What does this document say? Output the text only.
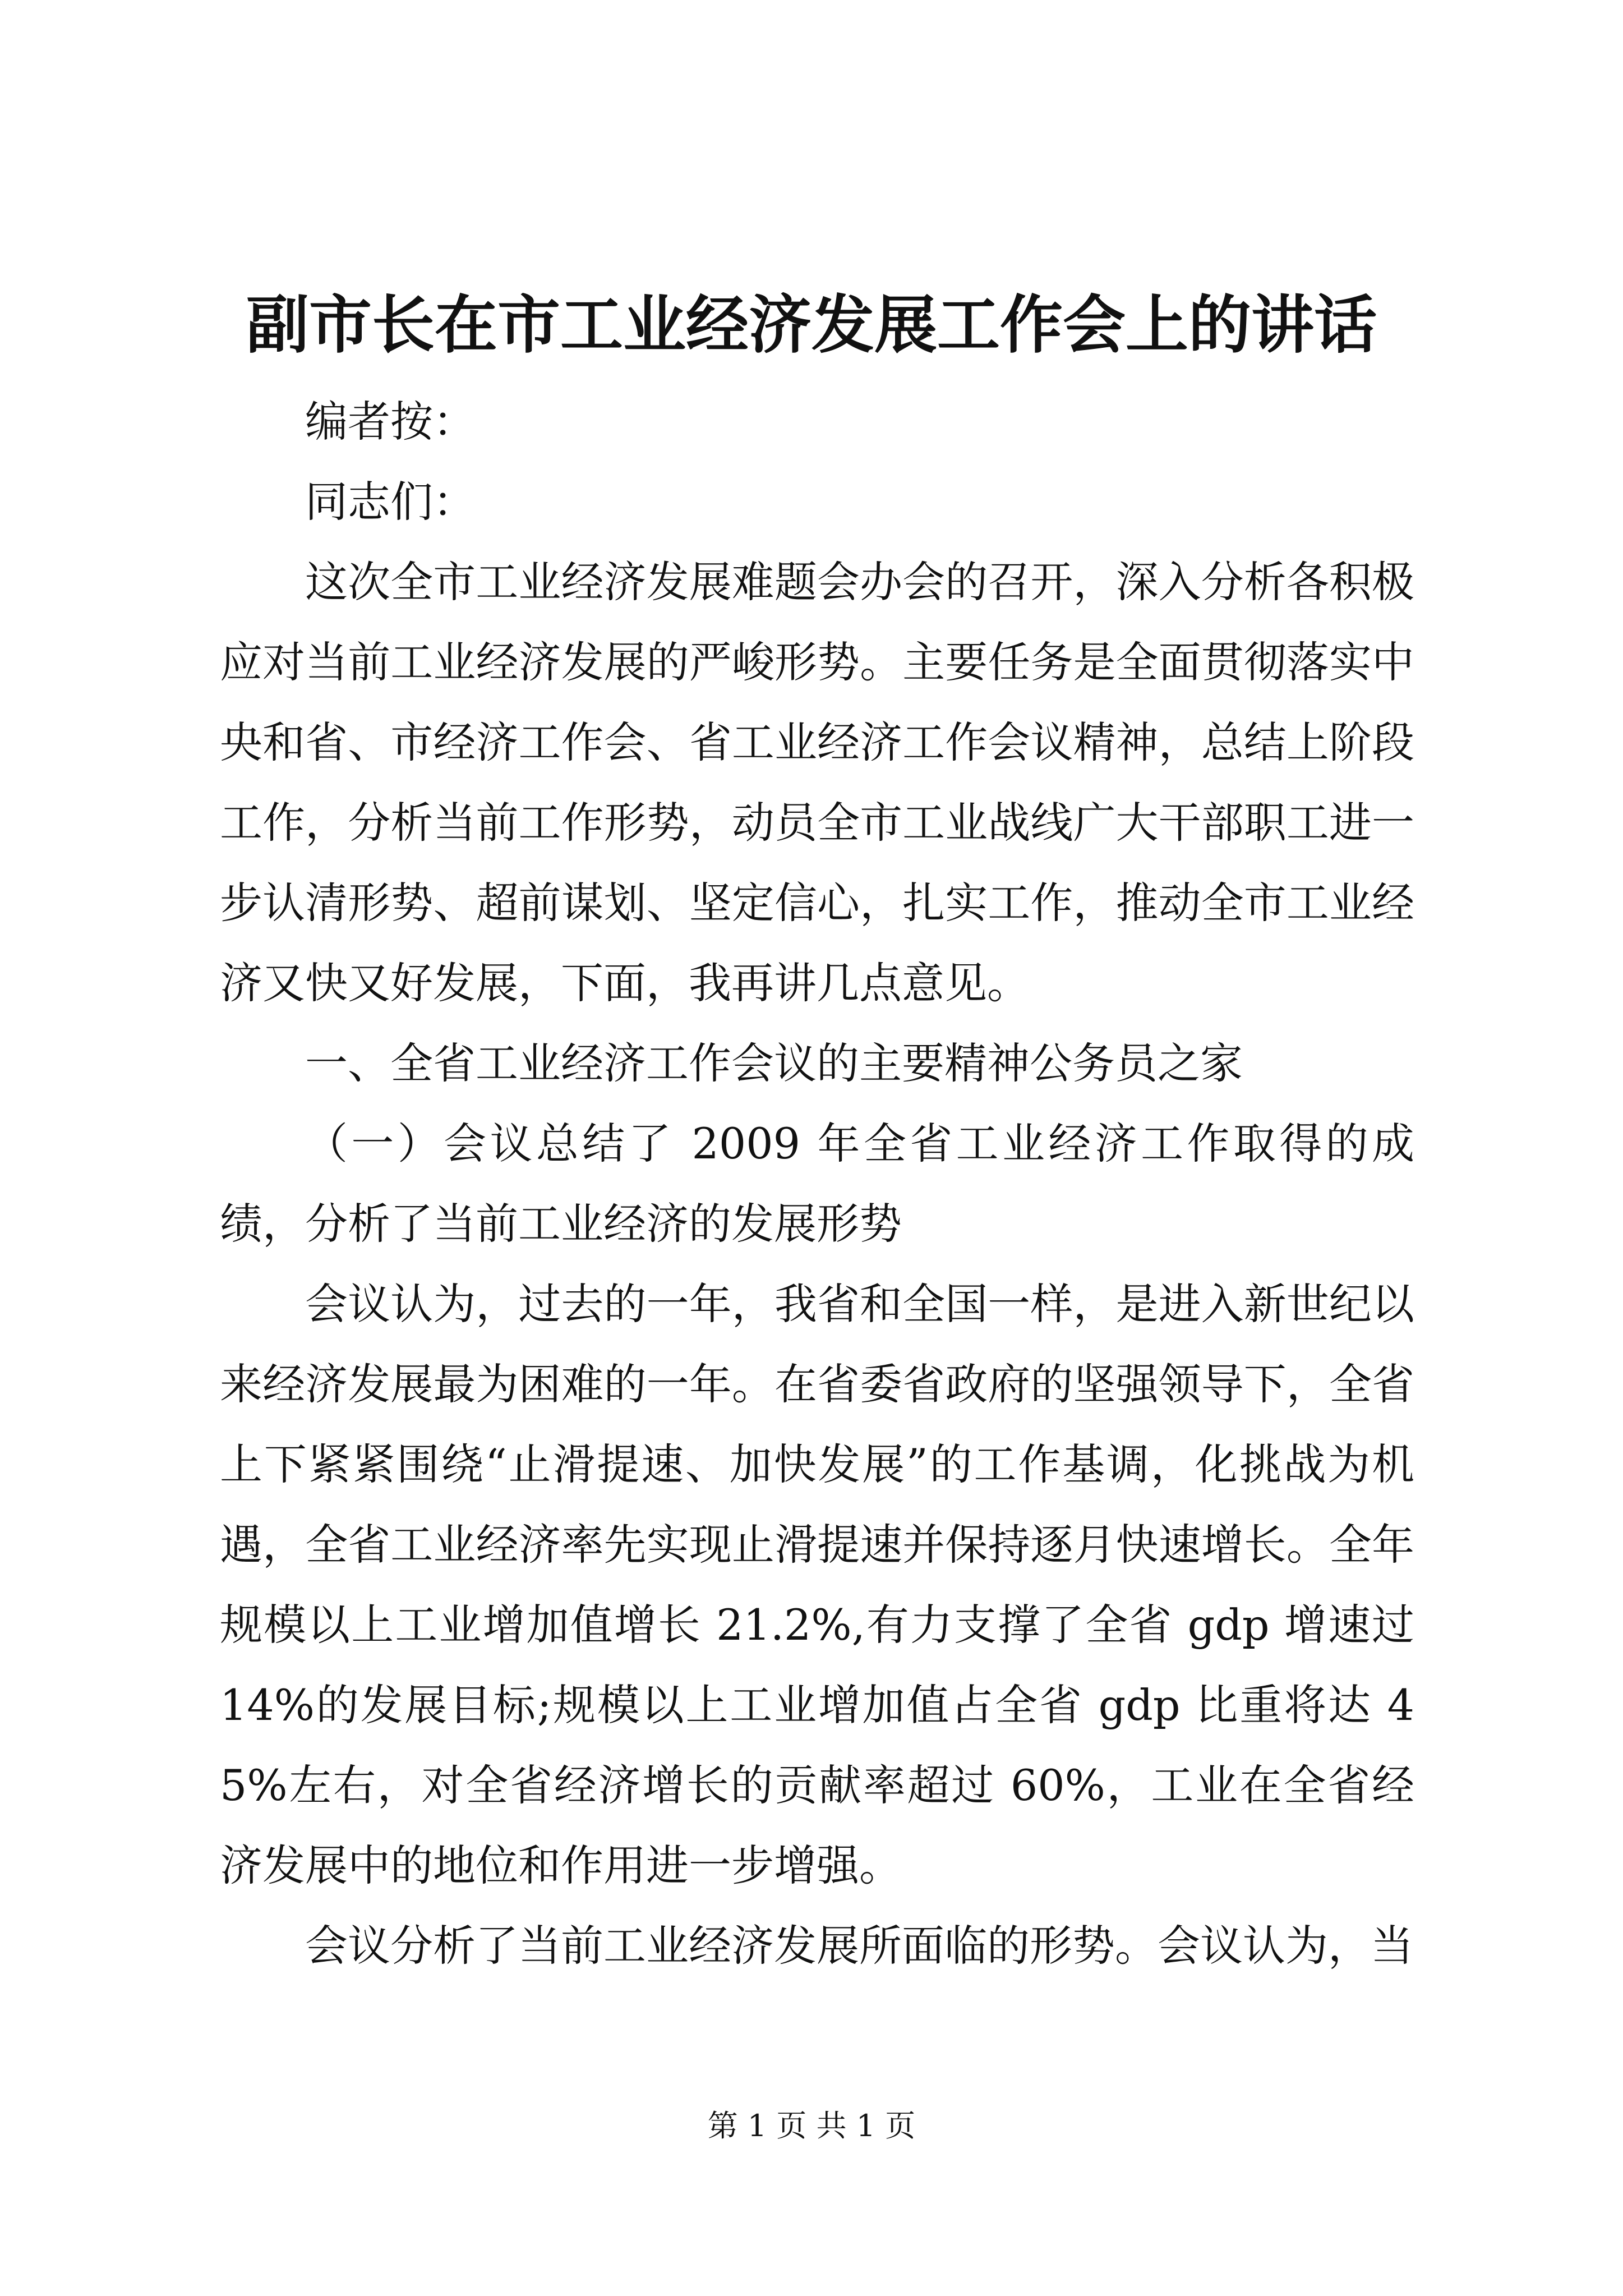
副市长在市工业经济发展工作会上的讲话

编者按：

同志们：

这次全市工业经济发展难题会办会的召开，深入分析各积极应对当前工业经济发展的严峻形势。主要任务是全面贯彻落实中央和省、市经济工作会、省工业经济工作会议精神，总结上阶段工作，分析当前工作形势，动员全市工业战线广大干部职工进一步认清形势、超前谋划、坚定信心，扎实工作，推动全市工业经济又快又好发展，下面，我再讲几点意见。

一、全省工业经济工作会议的主要精神公务员之家

（一）会议总结了 2009 年全省工业经济工作取得的成绩，分析了当前工业经济的发展形势

会议认为，过去的一年，我省和全国一样，是进入新世纪以来经济发展最为困难的一年。在省委省政府的坚强领导下，全省上下紧紧围绕“止滑提速、加快发展”的工作基调，化挑战为机遇，全省工业经济率先实现止滑提速并保持逐月快速增长。全年规模以上工业增加值增长 21.2%,有力支撑了全省 gdp 增速过 14%的发展目标;规模以上工业增加值占全省 gdp 比重将达 45%左右，对全省经济增长的贡献率超过 60%，工业在全省经济发展中的地位和作用进一步增强。

会议分析了当前工业经济发展所面临的形势。会议认为，当

第 1 页 共 1 页
